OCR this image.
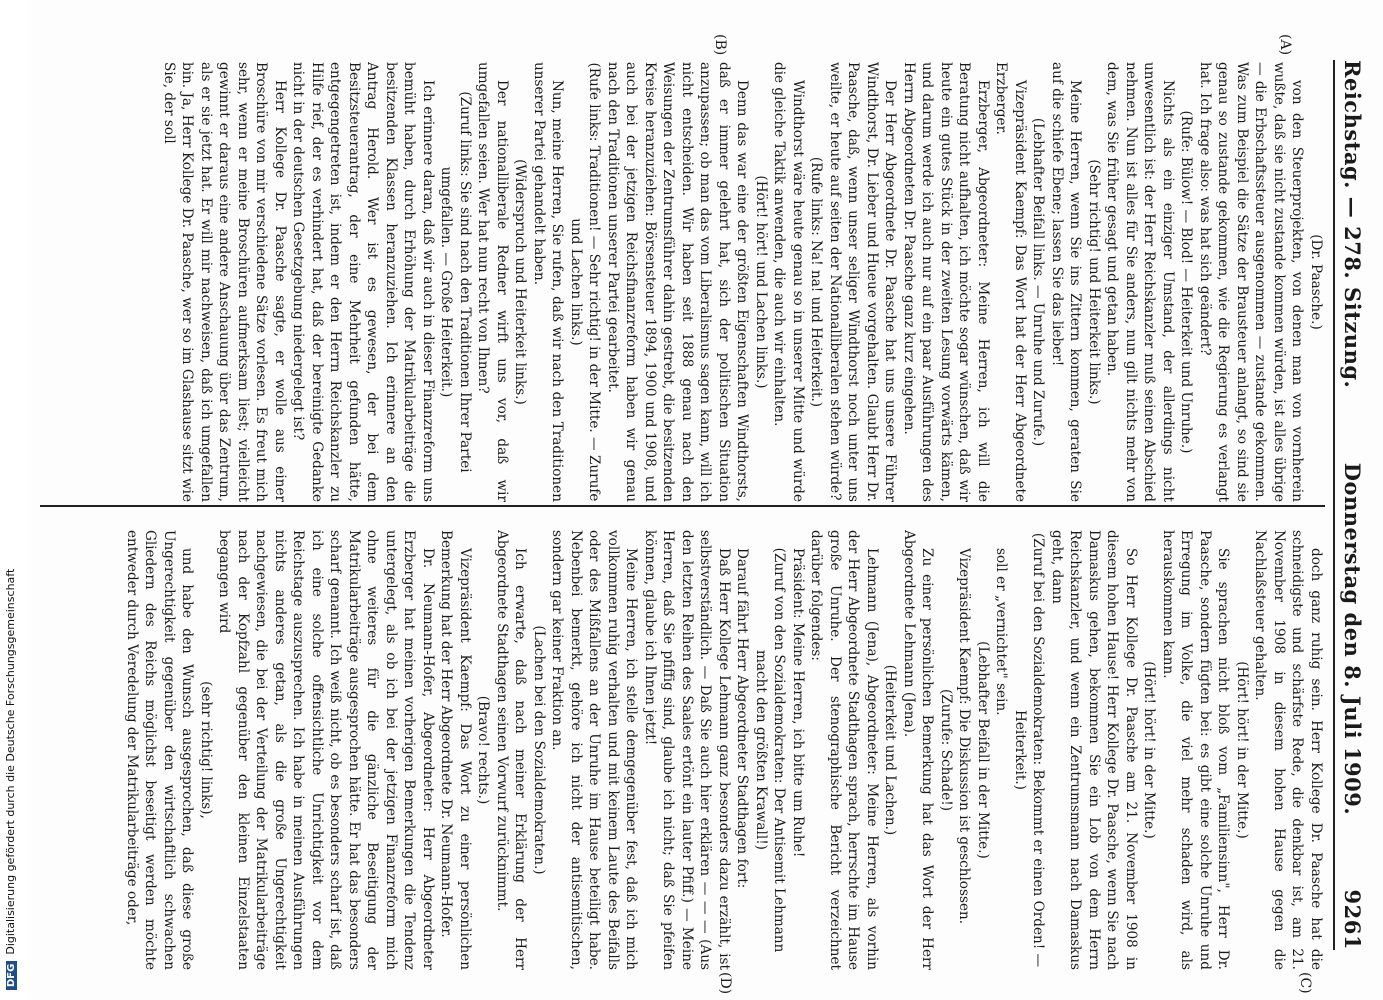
Reichstag. — 278. Sitzung.
Donnerstag den 8. Juli 1909.
9261
(A)
(B)
(C)
(D)

(Dr. Paasche.)

von den Steuerprojekten, von denen man von vornherein wußte, daß sie nicht zustande kommen würden, ist alles übrige — die Erbschaftssteuer ausgenommen — zustande gekommen. Was zum Beispiel die Sätze der Brausteuer anlangt, so sind sie genau so zustande gekommen, wie die Regierung es verlangt hat. Ich frage also: was hat sich geändert?

(Rufe: Bülow! — Blod! — Heiterkeit und Unruhe.)

Nichts als ein einziger Umstand, der allerdings nicht unwesentlich ist: der Herr Reichskanzler muß seinen Abschied nehmen. Nun ist alles für Sie anders, nun gilt nichts mehr von dem, was Sie früher gesagt und getan haben.

(Sehr richtig! und Heiterkeit links.)

Meine Herren, wenn Sie ins Zittern kommen, geraten Sie auf die schiefe Ebene; lassen Sie das lieber!

(Lebhafter Beifall links. — Unruhe und Zurufe.)

Vizepräsident Kaempf: Das Wort hat der Herr Abgeordnete Erzberger.

Erzberger, Abgeordneter: Meine Herren, ich will die Beratung nicht aufhalten, ich möchte sogar wünschen, daß wir heute ein gutes Stück in der zweiten Lesung vorwärts kämen, und darum werde ich auch nur auf ein paar Ausführungen des Herrn Abgeordneten Dr. Paasche ganz kurz eingehen.

Der Herr Abgeordnete Dr. Paasche hat uns unsere Führer Windthorst, Dr. Lieber und Hueue vorgehalten. Glaubt Herr Dr. Paasche, daß, wenn unser seliger Windthorst noch unter uns weilte, er heute auf seiten der Nationalliberalen stehen würde?

(Rufe links: Na! na! und Heiterkeit.)

Windthorst wäre heute genau so in unserer Mitte und würde die gleiche Taktik anwenden, die auch wir einhalten.

(Hört! hört! und Lachen links.)

Denn das war eine der größten Eigenschaften Windthorsts, daß er immer gelehrt hat, sich der politischen Situation anzupassen; ob man das vom Liberalismus sagen kann, will ich nicht entscheiden. Wir haben seit 1888 genau nach den Weisungen der Zentrumsführer dahin gestrebt, die besitzenden Kreise heranzuziehen: Börsensteuer 1894, 1900 und 1908, und auch bei der jetzigen Reichsfinanzreform haben wir genau nach den Traditionen unserer Partei gearbeitet.

(Rufe links: Traditionen! — Sehr richtig! in der Mitte. — Zurufe und Lachen links.)

Nun, meine Herren, Sie rufen, daß wir nach den Traditionen unserer Partei gehandelt haben.

(Widerspruch und Heiterkeit links.)

Der nationalliberale Redner wirft uns vor, daß wir umgefallen seien. Wer hat nun recht von Ihnen?

(Zuruf links: Sie sind nach den Traditionen Ihrer Partei umgefallen. — Große Heiterkeit.)

Ich erinnere daran, daß wir auch in dieser Finanzreform uns bemüht haben, durch Erhöhung der Matrikularbeiträge die besitzenden Klassen heranzuziehen. Ich erinnere an den Antrag Herold. Wer ist es gewesen, der bei dem Besitzsteuerantrag, der eine Mehrheit gefunden hätte, entgegengetreten ist, indem er den Herrn Reichskanzler zu Hilfe rief, der es verhindert hat, daß der bereinigte Gedanke nicht in der deutschen Gesetzgebung niedergelegt ist?

Herr Kollege Dr. Paasche sagte, er wolle aus einer Broschüre von mir verschiedene Sätze vorlesen. Es freut mich sehr, wenn er meine Broschüren aufmerksam liest; vielleicht gewinnt er daraus eine andere Anschauung über das Zentrum, als er sie jetzt hat. Er will mir nachweisen, daß ich umgefallen bin. Ja, Herr Kollege Dr. Paasche, wer so im Glashause sitzt wie Sie, der soll

doch ganz ruhig sein. Herr Kollege Dr. Paasche hat die schneidigste und schärfste Rede, die denkbar ist, am 21. November 1908 in diesem hohen Hause gegen die Nachlaßsteuer gehalten.

(Hört! hört! in der Mitte.)

Sie sprachen nicht bloß vom „Familiensinn", Herr Dr. Paasche, sondern fügten bei: es gibt eine solche Unruhe und Erregung im Volke, die viel mehr schaden wird, als herauskommen kann.

(Hört! hört! in der Mitte.)

So Herr Kollege Dr. Paasche am 21. November 1908 in diesem hohen Hause! Herr Kollege Dr. Paasche, wenn Sie nach Damaskus gehen, bekommen Sie ein Lob von dem Herrn Reichskanzler, und wenn ein Zentrumsmann nach Damaskus geht, dann

(Zuruf bei den Sozialdemokraten: Bekommt er einen Orden! — Heiterkeit.)

soll er „vernichtet" sein.

(Lebhafter Beifall in der Mitte.)

Vizepräsident Kaempf: Die Diskussion ist geschlossen.

(Zurufe: Schade!)

Zu einer persönlichen Bemerkung hat das Wort der Herr Abgeordnete Lehmann (Jena).

(Heiterkeit und Lachen.)

Lehmann (Jena), Abgeordneter: Meine Herren, als vorhin der Herr Abgeordnete Stadthagen sprach, herrschte im Hause große Unruhe. Der stenographische Bericht verzeichnet darüber folgendes:

Präsident: Meine Herren, ich bitte um Ruhe!

(Zuruf von den Sozialdemokraten: Der Antisemit Lehmann macht den größten Krawall!)

Darauf fährt Herr Abgeordneter Stadthagen fort:

Daß Herr Kollege Lehmann ganz besonders dazu erzählt, ist selbstverständlich. — Daß Sie auch hier erklären — — — (Aus den letzten Reihen des Saales ertönt ein lauter Pfiff.) — Meine Herren, daß Sie pfiffig sind, glaube ich nicht; daß Sie pfeifen können, glaube ich Ihnen jetzt!

Meine Herren, ich stelle demgegenüber fest, daß ich mich vollkommen ruhig verhalten und mit keinem Laute des Beifalls oder des Mißfallens an der Unruhe im Hause beteiligt habe. Nebenbei bemerkt, gehöre ich nicht der antisemitischen, sondern gar keiner Fraktion an.

(Lachen bei den Sozialdemokraten.)

Ich erwarte, daß nach meiner Erklärung der Herr Abgeordnete Stadthagen seinen Vorwurf zurücknimmt.

(Bravo! rechts.)

Vizepräsident Kaempf: Das Wort zu einer persönlichen Bemerkung hat der Herr Abgeordnete Dr. Neumann-Hofer.

Dr. Neumann-Hofer, Abgeordneter: Herr Abgeordneter Erzberger hat meinen vorherigen Bemerkungen die Tendenz untergelegt, als ob ich bei der jetzigen Finanzreform mich ohne weiteres für die gänzliche Beseitigung der Matrikularbeiträge ausgesprochen hätte. Er hat das besonders scharf genannt. Ich weiß nicht, ob es besonders scharf ist, daß ich eine solche offensichtliche Unrichtigkeit vor dem Reichstage auszusprechen. Ich habe in meinen Ausführungen nichts anderes getan, als die große Ungerechtigkeit nachgewiesen, die bei der Verteilung der Matrikularbeiträge nach der Kopfzahl gegenüber den kleinen Einzelstaaten begangen wird

(sehr richtig! links),

und habe den Wunsch ausgesprochen, daß diese große Ungerechtigkeit gegenüber den wirtschaftlich schwachen Gliedern des Reichs möglichst beseitigt werden möchte entweder durch Veredelung der Matrikularbeiträge oder,

DFGDigitalisierung gefördert durch die Deutsche Forschungsgemeinschaft
